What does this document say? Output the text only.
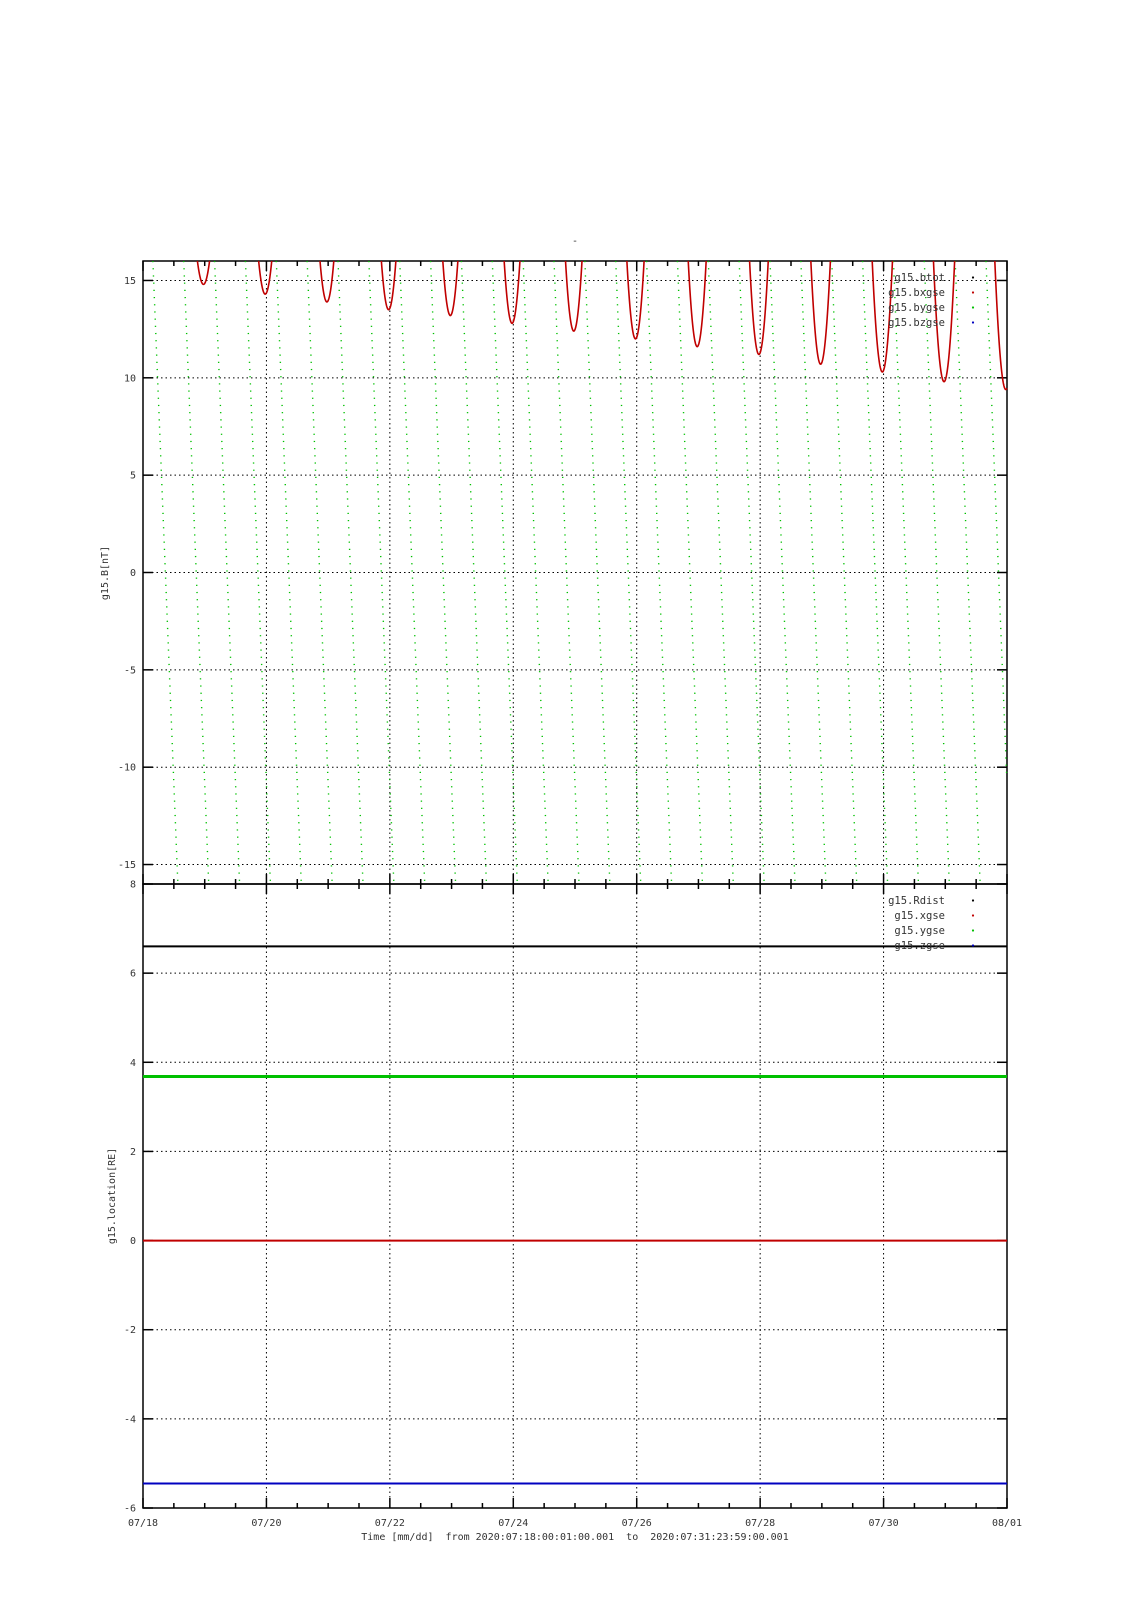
-
15
10
5
0
-5
-10
-15
g15.btot
g15.bxgse
g15.bygse
g15.bzgse
g15.B[nT]
8
6
4
2
0
-2
-4
-6
g15.Rdist
g15.xgse
g15.ygse
g15.zgse
g15.location[RE]
07/18	07/20	07/22	07/24	07/26	07/28	07/30	08/01
Time [mm/dd]  from 2020:07:18:00:01:00.001  to  2020:07:31:23:59:00.001
